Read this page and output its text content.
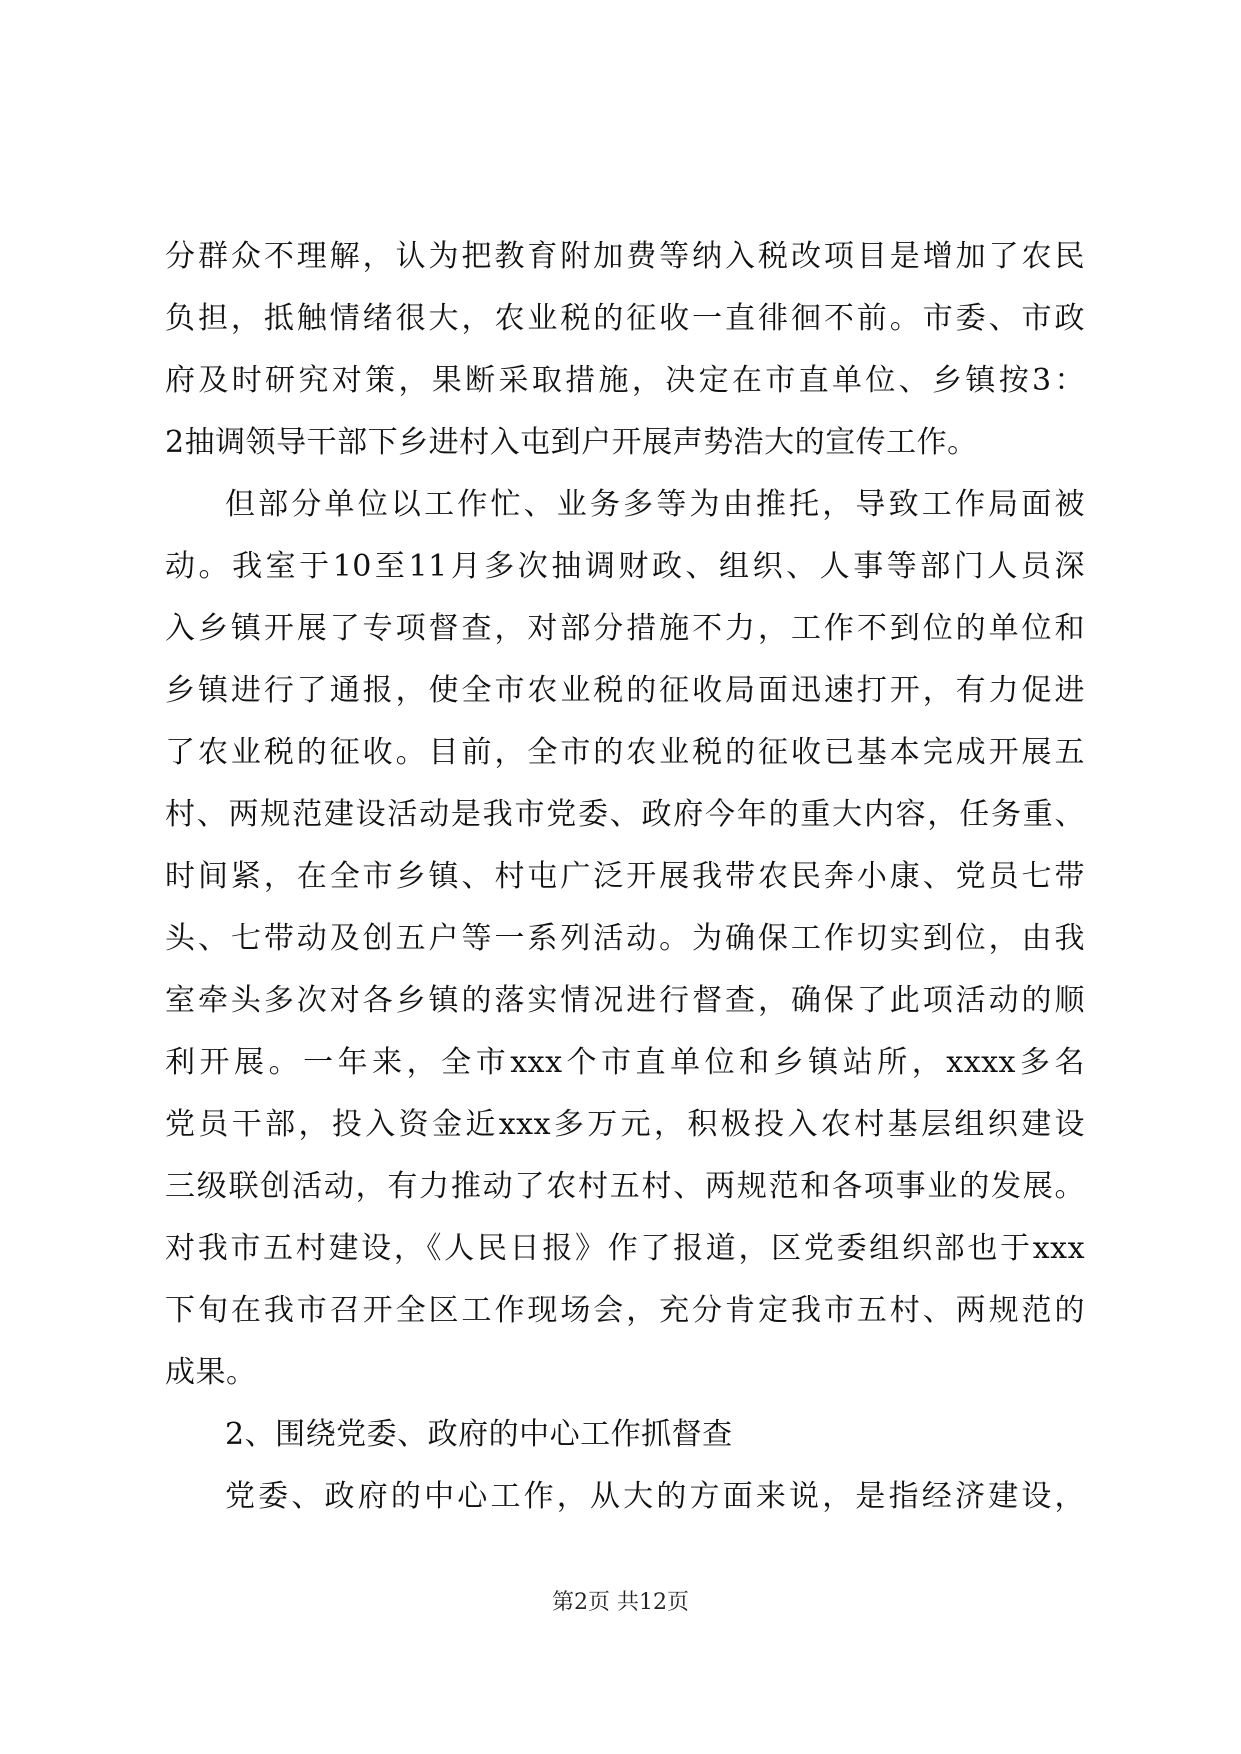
分群众不理解，认为把教育附加费等纳入税改项目是增加了农民
负担，抵触情绪很大，农业税的征收一直徘徊不前。市委、市政
府及时研究对策，果断采取措施，决定在市直单位、乡镇按3：
2抽调领导干部下乡进村入屯到户开展声势浩大的宣传工作。
但部分单位以工作忙、业务多等为由推托，导致工作局面被
动。我室于10至11月多次抽调财政、组织、人事等部门人员深
入乡镇开展了专项督查，对部分措施不力，工作不到位的单位和
乡镇进行了通报，使全市农业税的征收局面迅速打开，有力促进
了农业税的征收。目前，全市的农业税的征收已基本完成开展五
村、两规范建设活动是我市党委、政府今年的重大内容，任务重、
时间紧，在全市乡镇、村屯广泛开展我带农民奔小康、党员七带
头、七带动及创五户等一系列活动。为确保工作切实到位，由我
室牵头多次对各乡镇的落实情况进行督查，确保了此项活动的顺
利开展。一年来，全市xxx个市直单位和乡镇站所，xxxx多名
党员干部，投入资金近xxx多万元，积极投入农村基层组织建设
三级联创活动，有力推动了农村五村、两规范和各项事业的发展。
对我市五村建设，《人民日报》作了报道，区党委组织部也于xxx
下旬在我市召开全区工作现场会，充分肯定我市五村、两规范的
成果。
2、围绕党委、政府的中心工作抓督查
党委、政府的中心工作，从大的方面来说，是指经济建设，
第2页 共12页
